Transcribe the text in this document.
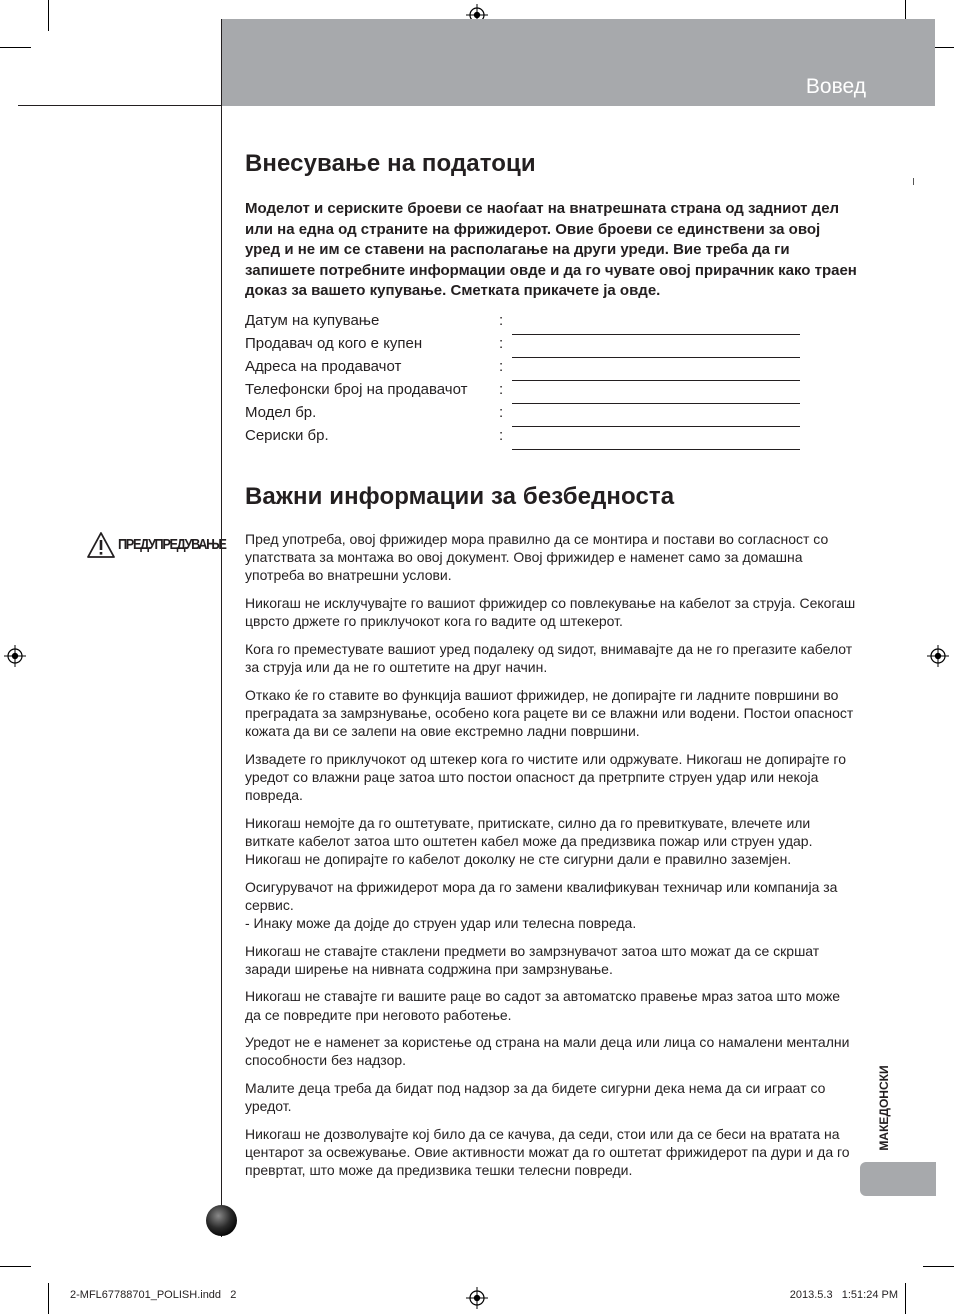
Вовед
Внесување на податоци

Моделот и сериските броеви се наоѓаат на внатрешната страна од задниот дел или на една од страните на фрижидерот. Овие броеви се единствени за овој уред и не им се ставени на располагање на други уреди. Вие треба да ги запишете потребните информации овде и да го чувате овој прирачник како траен доказ за вашето купување. Сметката прикачете ја овде.

Датум на купување	:
Продавач од кого е купен	:
Адреса на продавачот	:
Телефонски број на продавачот :
Модел бр.	:
Сериски бр.	:
Важни информации за безбедноста
ПРЕДУПРЕДУВАЊЕ Пред употреба, овој фрижидер мора правилно да се монтира и постави во согласност со упатствата за монтажа во овој документ. Овој фрижидер е наменет само за домашна употреба во внатрешни услови.

Никогаш не исклучувајте го вашиот фрижидер со повлекување на кабелот за струја. Секогаш цврсто држете го приклучокот кога го вадите од штекерот.

Кога го преместувате вашиот уред подалеку од sидот, внимавајте да не го прегазите кабелот за струја или да не го оштетите на друг начин.

Откако ќе го ставите во функција вашиот фрижидер, не допирајте ги ладните површини во преградата за замрзнување, особено кога рацете ви се влажни или водени. Постои опасност кожата да ви се залепи на овие екстремно ладни површини.

Извадете го приклучокот од штекер кога го чистите или одржувате. Никогаш не допирајте го уредот со влажни раце затоа што постои опасност да претрпите струен удар или некоја повреда.

Никогаш немојте да го оштетувате, притискате, силно да го превиткувате, влечете или виткате кабелот затоа што оштетен кабел може да предизвика пожар или струен удар. Никогаш не допирајте го кабелот доколку не сте сигурни дали е правилно заземјен.

Осигурувачот на фрижидерот мора да го замени квалификуван техничар или компанија за сервис.
- Инаку може да дојде до струен удар или телесна повреда.

Никогаш не ставајте стаклени предмети во замрзнувачот затоа што можат да се скршат заради ширење на нивната содржина при замрзнување.

Никогаш не ставајте ги вашите раце во садот за автоматско правење мраз затоа што може да се повредите при неговото работење.

Уредот не е наменет за користење од страна на мали деца или лица со намалени ментални способности без надзор.

Малите деца треба да бидат под надзор за да бидете сигурни дека нема да си играат со уредот.

Никогаш не дозволувајте кој било да се качува, да седи, стои или да се беси на вратата на центарот за освежување. Овие активности можат да го оштетат фрижидерот па дури и да го превртат, што може да предизвика тешки телесни повреди.

МАКЕДОНСКИ
2-MFL67788701_POLISH.indd   2	2013.5.3   1:51:24 PM
